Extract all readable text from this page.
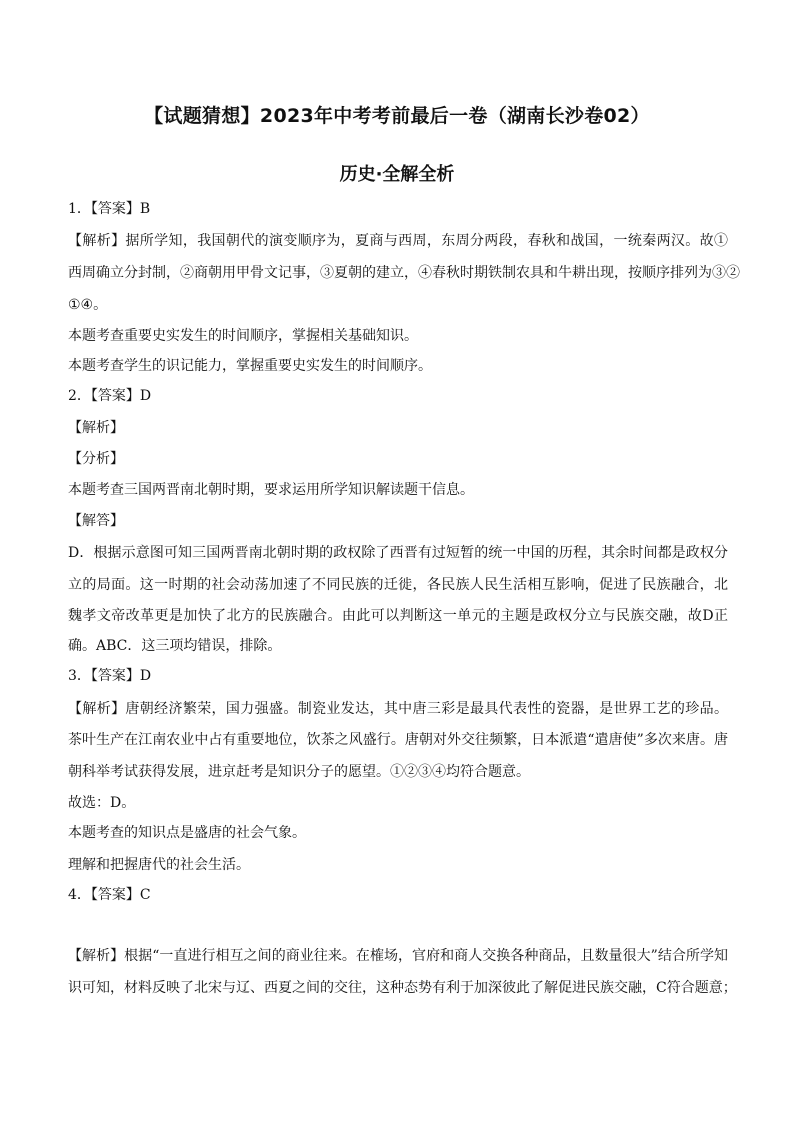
【试题猜想】2023年中考考前最后一卷（湖南长沙卷02）
历史·全解全析
1．【答案】B
【解析】据所学知，我国朝代的演变顺序为，夏商与西周，东周分两段，春秋和战国，一统秦两汉。故①
西周确立分封制，②商朝用甲骨文记事，③夏朝的建立，④春秋时期铁制农具和牛耕出现，按顺序排列为③②
①④。
本题考查重要史实发生的时间顺序，掌握相关基础知识。
本题考查学生的识记能力，掌握重要史实发生的时间顺序。
2．【答案】D
【解析】
【分析】
本题考查三国两晋南北朝时期，要求运用所学知识解读题干信息。
【解答】
D．根据示意图可知三国两晋南北朝时期的政权除了西晋有过短暂的统一中国的历程，其余时间都是政权分
立的局面。这一时期的社会动荡加速了不同民族的迁徙，各民族人民生活相互影响，促进了民族融合，北
魏孝文帝改革更是加快了北方的民族融合。由此可以判断这一单元的主题是政权分立与民族交融，故D正
确。ABC．这三项均错误，排除。
3．【答案】D
【解析】唐朝经济繁荣，国力强盛。制瓷业发达，其中唐三彩是最具代表性的瓷器，是世界工艺的珍品。
茶叶生产在江南农业中占有重要地位，饮茶之风盛行。唐朝对外交往频繁，日本派遣“遣唐使”多次来唐。唐
朝科举考试获得发展，进京赶考是知识分子的愿望。①②③④均符合题意。
故选：D。
本题考查的知识点是盛唐的社会气象。
理解和把握唐代的社会生活。
4．【答案】C
【解析】根据“一直进行相互之间的商业往来。在榷场，官府和商人交换各种商品，且数量很大”结合所学知
识可知，材料反映了北宋与辽、西夏之间的交往，这种态势有利于加深彼此了解促进民族交融，C符合题意；
